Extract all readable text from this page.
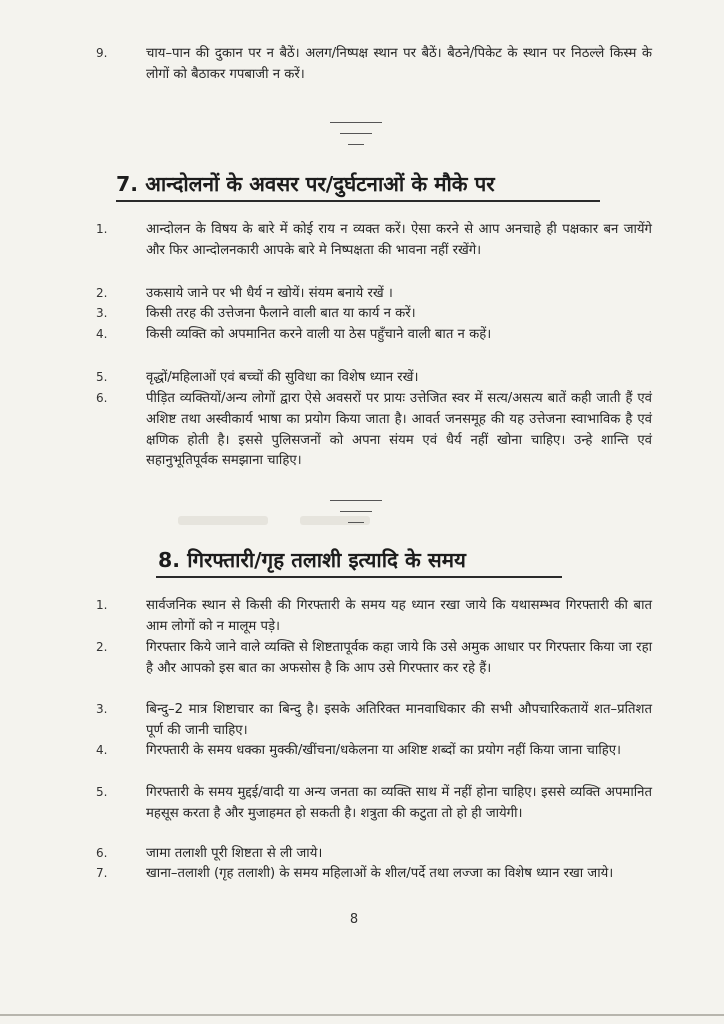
9.	चाय–पान की दुकान पर न बैठें। अलग/निष्पक्ष स्थान पर बैठें। बैठने/पिकेट के स्थान पर निठल्ले किस्म के लोगों को बैठाकर गपबाजी न करें।
7. आन्दोलनों के अवसर पर/दुर्घटनाओं के मौके पर
1.	आन्दोलन के विषय के बारे में कोई राय न व्यक्त करें। ऐसा करने से आप अनचाहे ही पक्षकार बन जायेंगे और फिर आन्दोलनकारी आपके बारे मे निष्पक्षता की भावना नहीं रखेंगे।
2.	उकसाये जाने पर भी धैर्य न खोयें। संयम बनाये रखें ।
3.	किसी तरह की उत्तेजना फैलाने वाली बात या कार्य न करें।
4.	किसी व्यक्ति को अपमानित करने वाली या ठेस पहुँचाने वाली बात न कहें।
5.	वृद्धों/महिलाओं एवं बच्चों की सुविधा का विशेष ध्यान रखें।
6.	पीड़ित व्यक्तियों/अन्य लोगों द्वारा ऐसे अवसरों पर प्रायः उत्तेजित स्वर में सत्य/असत्य बातें कही जाती हैं एवं अशिष्ट तथा अस्वीकार्य भाषा का प्रयोग किया जाता है। आवर्त जनसमूह की यह उत्तेजना स्वाभाविक है एवं क्षणिक होती है। इससे पुलिसजनों को अपना संयम एवं धैर्य नहीं खोना चाहिए। उन्हे शान्ति एवं सहानुभूतिपूर्वक समझाना चाहिए।
8. गिरफ्तारी/गृह तलाशी इत्यादि के समय
1.	सार्वजनिक स्थान से किसी की गिरफ्तारी के समय यह ध्यान रखा जाये कि यथासम्भव गिरफ्तारी की बात आम लोगों को न मालूम पड़े।
2.	गिरफ्तार किये जाने वाले व्यक्ति से शिष्टतापूर्वक कहा जाये कि उसे अमुक आधार पर गिरफ्तार किया जा रहा है और आपको इस बात का अफसोस है कि आप उसे गिरफ्तार कर रहे हैं।
3.	बिन्दु–2 मात्र शिष्टाचार का बिन्दु है। इसके अतिरिक्त मानवाधिकार की सभी औपचारिकतायें शत–प्रतिशत पूर्ण की जानी चाहिए।
4.	गिरफ्तारी के समय धक्का मुक्की/खींचना/धकेलना या अशिष्ट शब्दों का प्रयोग नहीं किया जाना चाहिए।
5.	गिरफ्तारी के समय मुद्दई/वादी या अन्य जनता का व्यक्ति साथ में नहीं होना चाहिए। इससे व्यक्ति अपमानित महसूस करता है और मुजाहमत हो सकती है। शत्रुता की कटुता तो हो ही जायेगी।
6.	जामा तलाशी पूरी शिष्टता से ली जाये।
7.	खाना–तलाशी (गृह तलाशी) के समय महिलाओं के शील/पर्दे तथा लज्जा का विशेष ध्यान रखा जाये।
8
